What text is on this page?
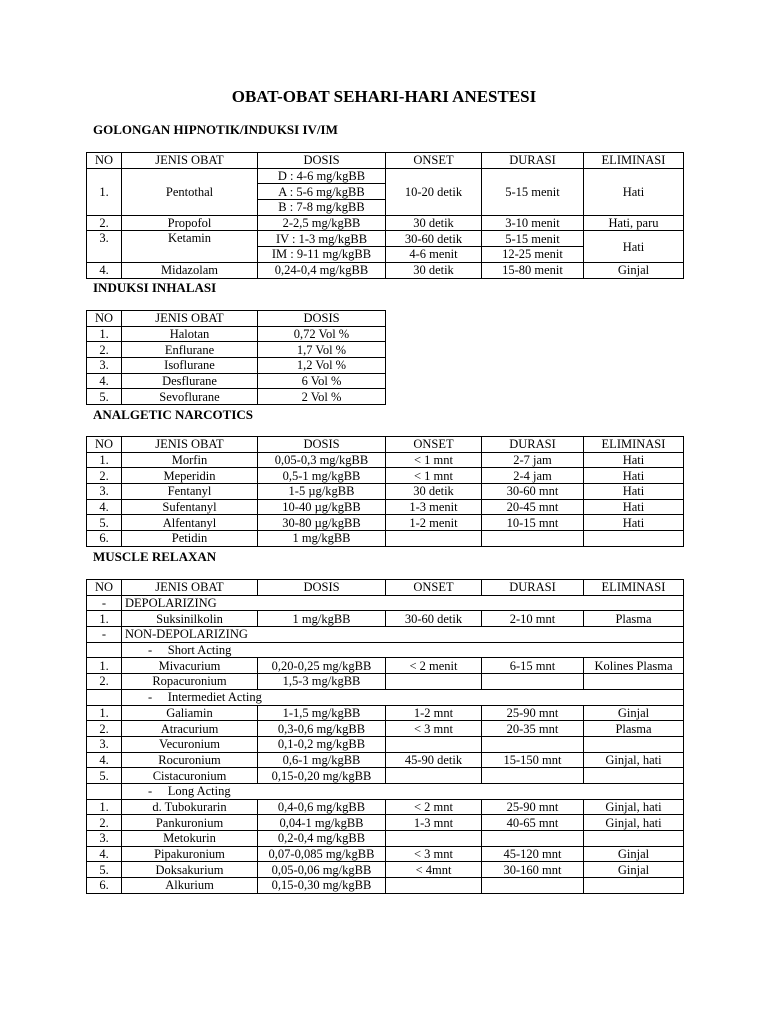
OBAT-OBAT SEHARI-HARI ANESTESI
GOLONGAN HIPNOTIK/INDUKSI IV/IM
NO	JENIS OBAT	DOSIS	ONSET	DURASI	ELIMINASI
1.	Pentothal	D : 4-6 mg/kgBB	10-20 detik	5-15 menit	Hati
		A : 5-6 mg/kgBB			
		B : 7-8 mg/kgBB			
2.	Propofol	2-2,5 mg/kgBB	30 detik	3-10 menit	Hati, paru
3.	Ketamin	IV : 1-3 mg/kgBB	30-60 detik	5-15 menit	Hati
		IM : 9-11 mg/kgBB	4-6 menit	12-25 menit	
4.	Midazolam	0,24-0,4 mg/kgBB	30 detik	15-80 menit	Ginjal
INDUKSI INHALASI
NO	JENIS OBAT	DOSIS
1.	Halotan	0,72 Vol %
2.	Enflurane	1,7 Vol %
3.	Isoflurane	1,2 Vol %
4.	Desflurane	6 Vol %
5.	Sevoflurane	2 Vol %
ANALGETIC NARCOTICS
NO	JENIS OBAT	DOSIS	ONSET	DURASI	ELIMINASI
1.	Morfin	0,05-0,3 mg/kgBB	< 1 mnt	2-7 jam	Hati
2.	Meperidin	0,5-1 mg/kgBB	< 1 mnt	2-4 jam	Hati
3.	Fentanyl	1-5 µg/kgBB	30 detik	30-60 mnt	Hati
4.	Sufentanyl	10-40 µg/kgBB	1-3 menit	20-45 mnt	Hati
5.	Alfentanyl	30-80 µg/kgBB	1-2 menit	10-15 mnt	Hati
6.	Petidin	1 mg/kgBB			
MUSCLE RELAXAN
NO	JENIS OBAT	DOSIS	ONSET	DURASI	ELIMINASI
-	DEPOLARIZING				
1.	Suksinilkolin	1 mg/kgBB	30-60 detik	2-10 mnt	Plasma
-	NON-DEPOLARIZING				
	-     Short Acting				
1.	Mivacurium	0,20-0,25 mg/kgBB	< 2 menit	6-15 mnt	Kolines Plasma
2.	Ropacuronium	1,5-3 mg/kgBB			
	-     Intermediet Acting				
1.	Galiamin	1-1,5 mg/kgBB	1-2 mnt	25-90 mnt	Ginjal
2.	Atracurium	0,3-0,6 mg/kgBB	< 3 mnt	20-35 mnt	Plasma
3.	Vecuronium	0,1-0,2 mg/kgBB			
4.	Rocuronium	0,6-1 mg/kgBB	45-90 detik	15-150 mnt	Ginjal, hati
5.	Cistacuronium	0,15-0,20 mg/kgBB			
	-     Long Acting				
1.	d. Tubokurarin	0,4-0,6 mg/kgBB	< 2 mnt	25-90 mnt	Ginjal, hati
2.	Pankuronium	0,04-1 mg/kgBB	1-3 mnt	40-65 mnt	Ginjal, hati
3.	Metokurin	0,2-0,4 mg/kgBB			
4.	Pipakuronium	0,07-0,085 mg/kgBB	< 3 mnt	45-120 mnt	Ginjal
5.	Doksakurium	0,05-0,06 mg/kgBB	< 4mnt	30-160 mnt	Ginjal
6.	Alkurium	0,15-0,30 mg/kgBB			
